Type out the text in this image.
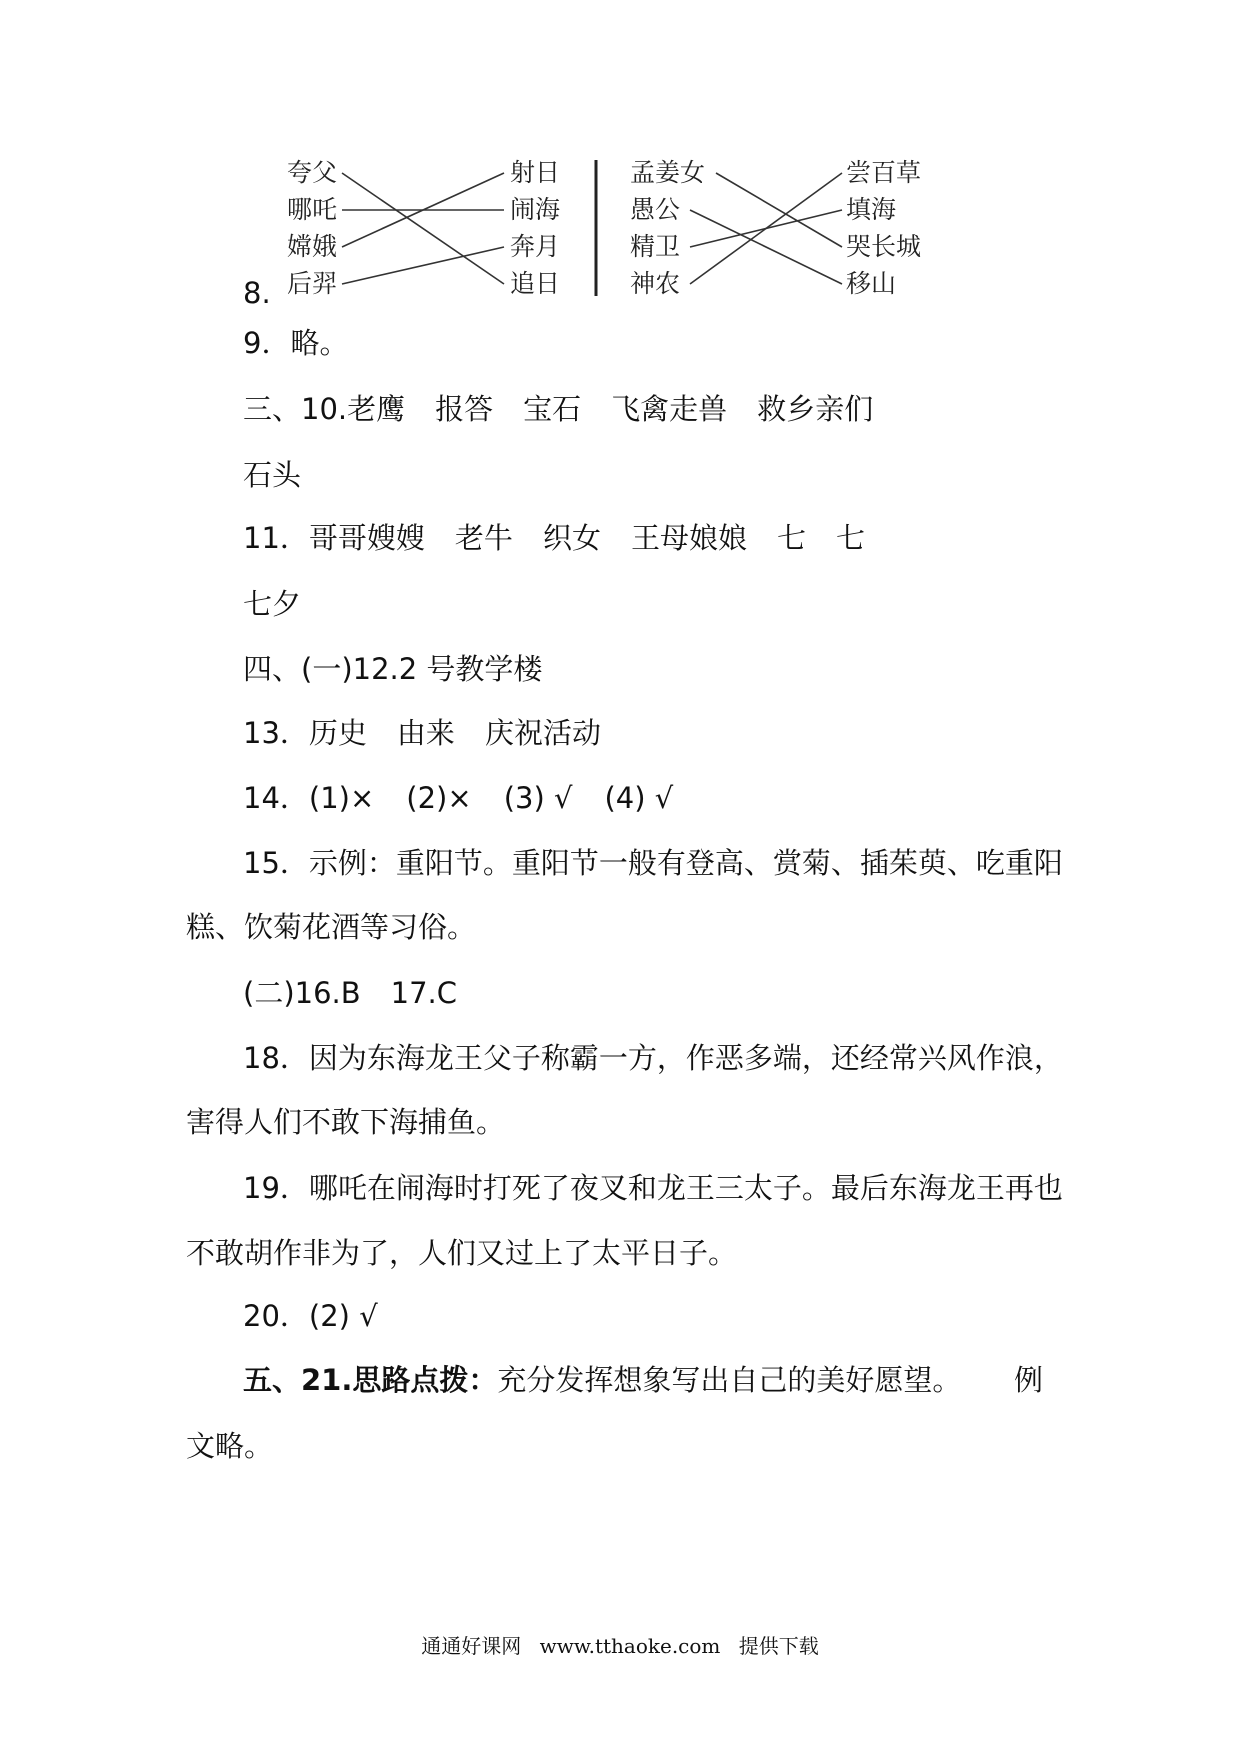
8.
夸父
哪吒
嫦娥
后羿
射日
闹海
奔月
追日
孟姜女
愚公
精卫
神农
尝百草
填海
哭长城
移山

9．略。

三、10.老鹰 报答 宝石 飞禽走兽 救乡亲们

石头

11．哥哥嫂嫂 老牛 织女 王母娘娘 七 七

七夕

四、(一)12.2 号教学楼

13．历史 由来 庆祝活动

14．(1)× (2)× (3) √ (4) √

15．示例：重阳节。重阳节一般有登高、赏菊、插茱萸、吃重阳

糕、饮菊花酒等习俗。

(二)16.B 17.C

18．因为东海龙王父子称霸一方，作恶多端，还经常兴风作浪，

害得人们不敢下海捕鱼。

19．哪吒在闹海时打死了夜叉和龙王三太子。最后东海龙王再也

不敢胡作非为了，人们又过上了太平日子。

20．(2) √

五、21.思路点拨：充分发挥想象写出自己的美好愿望。 例

文略。

通通好课网 www.tthaoke.com 提供下载
